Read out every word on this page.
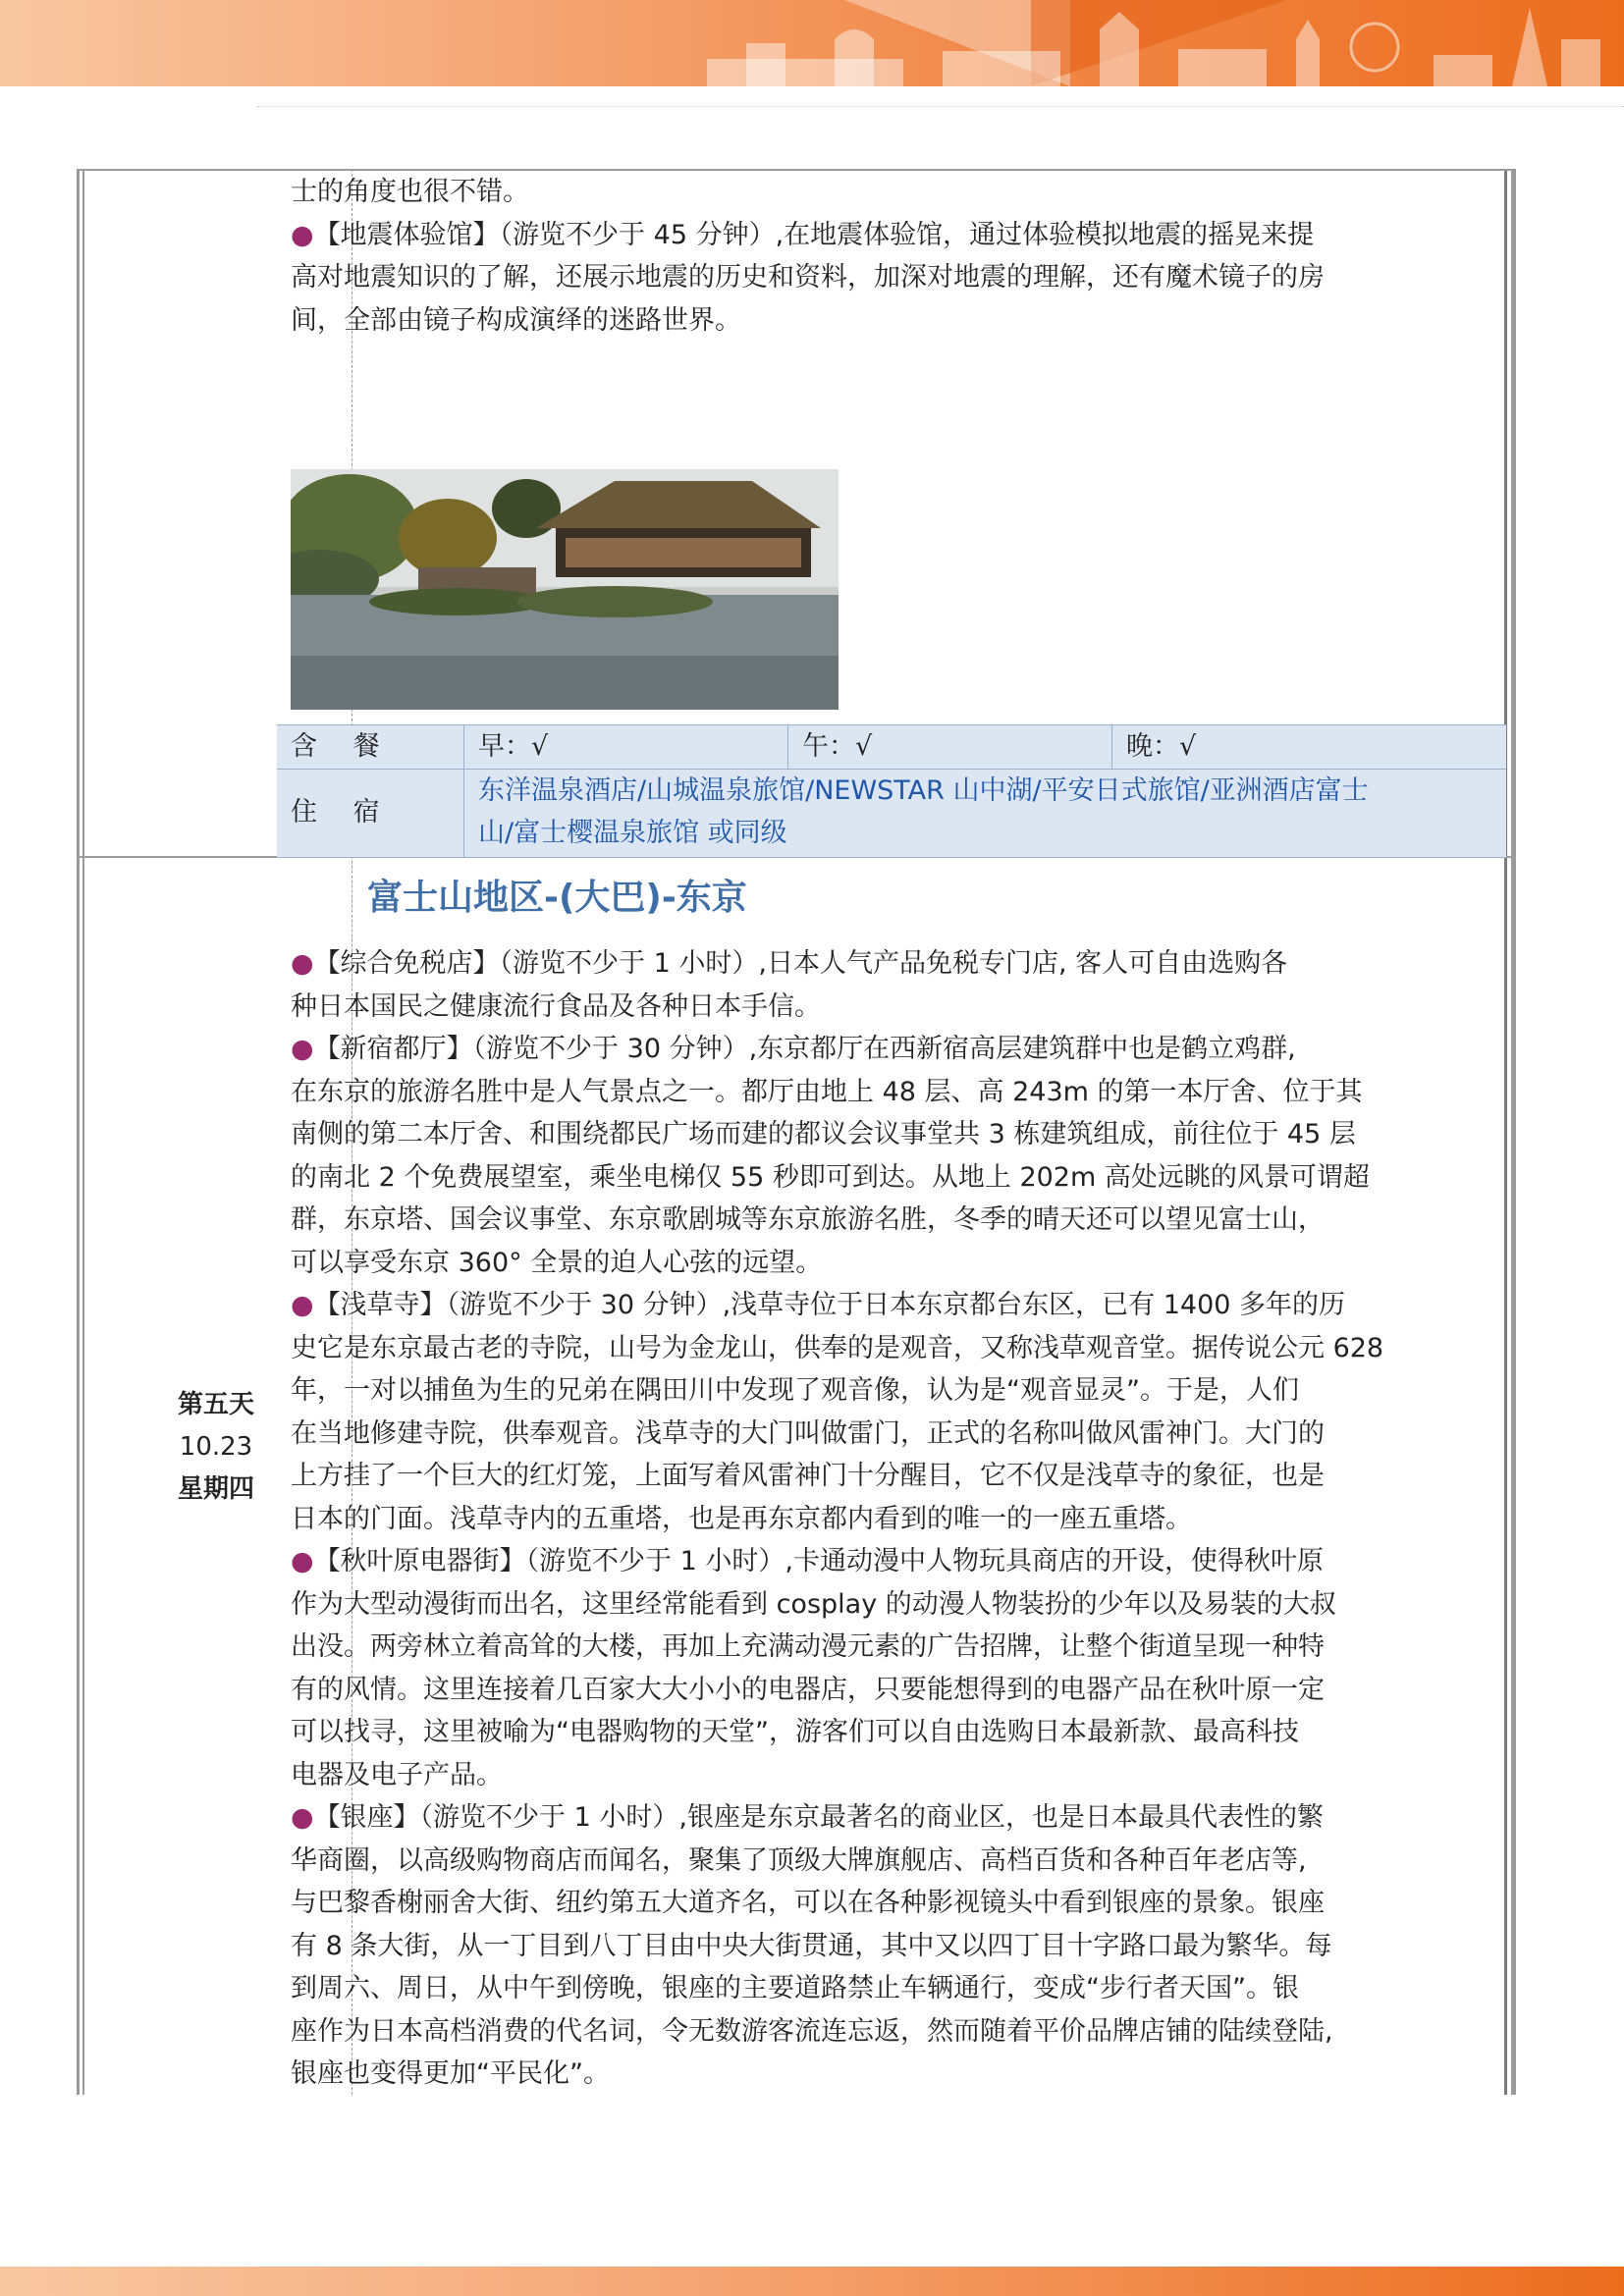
士的角度也很不错。

●【地震体验馆】（游览不少于 45 分钟）,在地震体验馆，通过体验模拟地震的摇晃来提
高对地震知识的了解，还展示地震的历史和资料，加深对地震的理解，还有魔术镜子的房
间，全部由镜子构成演绎的迷路世界。

含 餐	早：√	午：√	晚：√
住 宿
东洋温泉酒店/山城温泉旅馆/NEWSTAR 山中湖/平安日式旅馆/亚洲酒店富士
山/富士樱温泉旅馆 或同级
第五天
10.23
星期四
富士山地区-(大巴)-东京

●【综合免税店】（游览不少于 1 小时）,日本人气产品免税专门店, 客人可自由选购各
种日本国民之健康流行食品及各种日本手信。

●【新宿都厅】（游览不少于 30 分钟）,东京都厅在西新宿高层建筑群中也是鹤立鸡群,
在东京的旅游名胜中是人气景点之一。都厅由地上 48 层、高 243m 的第一本厅舍、位于其
南侧的第二本厅舍、和围绕都民广场而建的都议会议事堂共 3 栋建筑组成，前往位于 45 层
的南北 2 个免费展望室，乘坐电梯仅 55 秒即可到达。从地上 202m 高处远眺的风景可谓超
群，东京塔、国会议事堂、东京歌剧城等东京旅游名胜，冬季的晴天还可以望见富士山，
可以享受东京 360° 全景的迫人心弦的远望。

●【浅草寺】（游览不少于 30 分钟）,浅草寺位于日本东京都台东区，已有 1400 多年的历
史它是东京最古老的寺院，山号为金龙山，供奉的是观音，又称浅草观音堂。据传说公元 628
年，一对以捕鱼为生的兄弟在隅田川中发现了观音像，认为是“观音显灵”。于是，人们
在当地修建寺院，供奉观音。浅草寺的大门叫做雷门，正式的名称叫做风雷神门。大门的
上方挂了一个巨大的红灯笼，上面写着风雷神门十分醒目，它不仅是浅草寺的象征，也是
日本的门面。浅草寺内的五重塔，也是再东京都内看到的唯一的一座五重塔。

●【秋叶原电器街】（游览不少于 1 小时）,卡通动漫中人物玩具商店的开设，使得秋叶原
作为大型动漫街而出名，这里经常能看到 cosplay 的动漫人物装扮的少年以及易装的大叔
出没。两旁林立着高耸的大楼，再加上充满动漫元素的广告招牌，让整个街道呈现一种特
有的风情。这里连接着几百家大大小小的电器店，只要能想得到的电器产品在秋叶原一定
可以找寻，这里被喻为“电器购物的天堂”，游客们可以自由选购日本最新款、最高科技
电器及电子产品。

●【银座】（游览不少于 1 小时）,银座是东京最著名的商业区，也是日本最具代表性的繁
华商圈，以高级购物商店而闻名，聚集了顶级大牌旗舰店、高档百货和各种百年老店等,
与巴黎香榭丽舍大街、纽约第五大道齐名，可以在各种影视镜头中看到银座的景象。银座
有 8 条大街，从一丁目到八丁目由中央大街贯通，其中又以四丁目十字路口最为繁华。每
到周六、周日，从中午到傍晚，银座的主要道路禁止车辆通行，变成“步行者天国”。银
座作为日本高档消费的代名词，令无数游客流连忘返，然而随着平价品牌店铺的陆续登陆,
银座也变得更加“平民化”。
